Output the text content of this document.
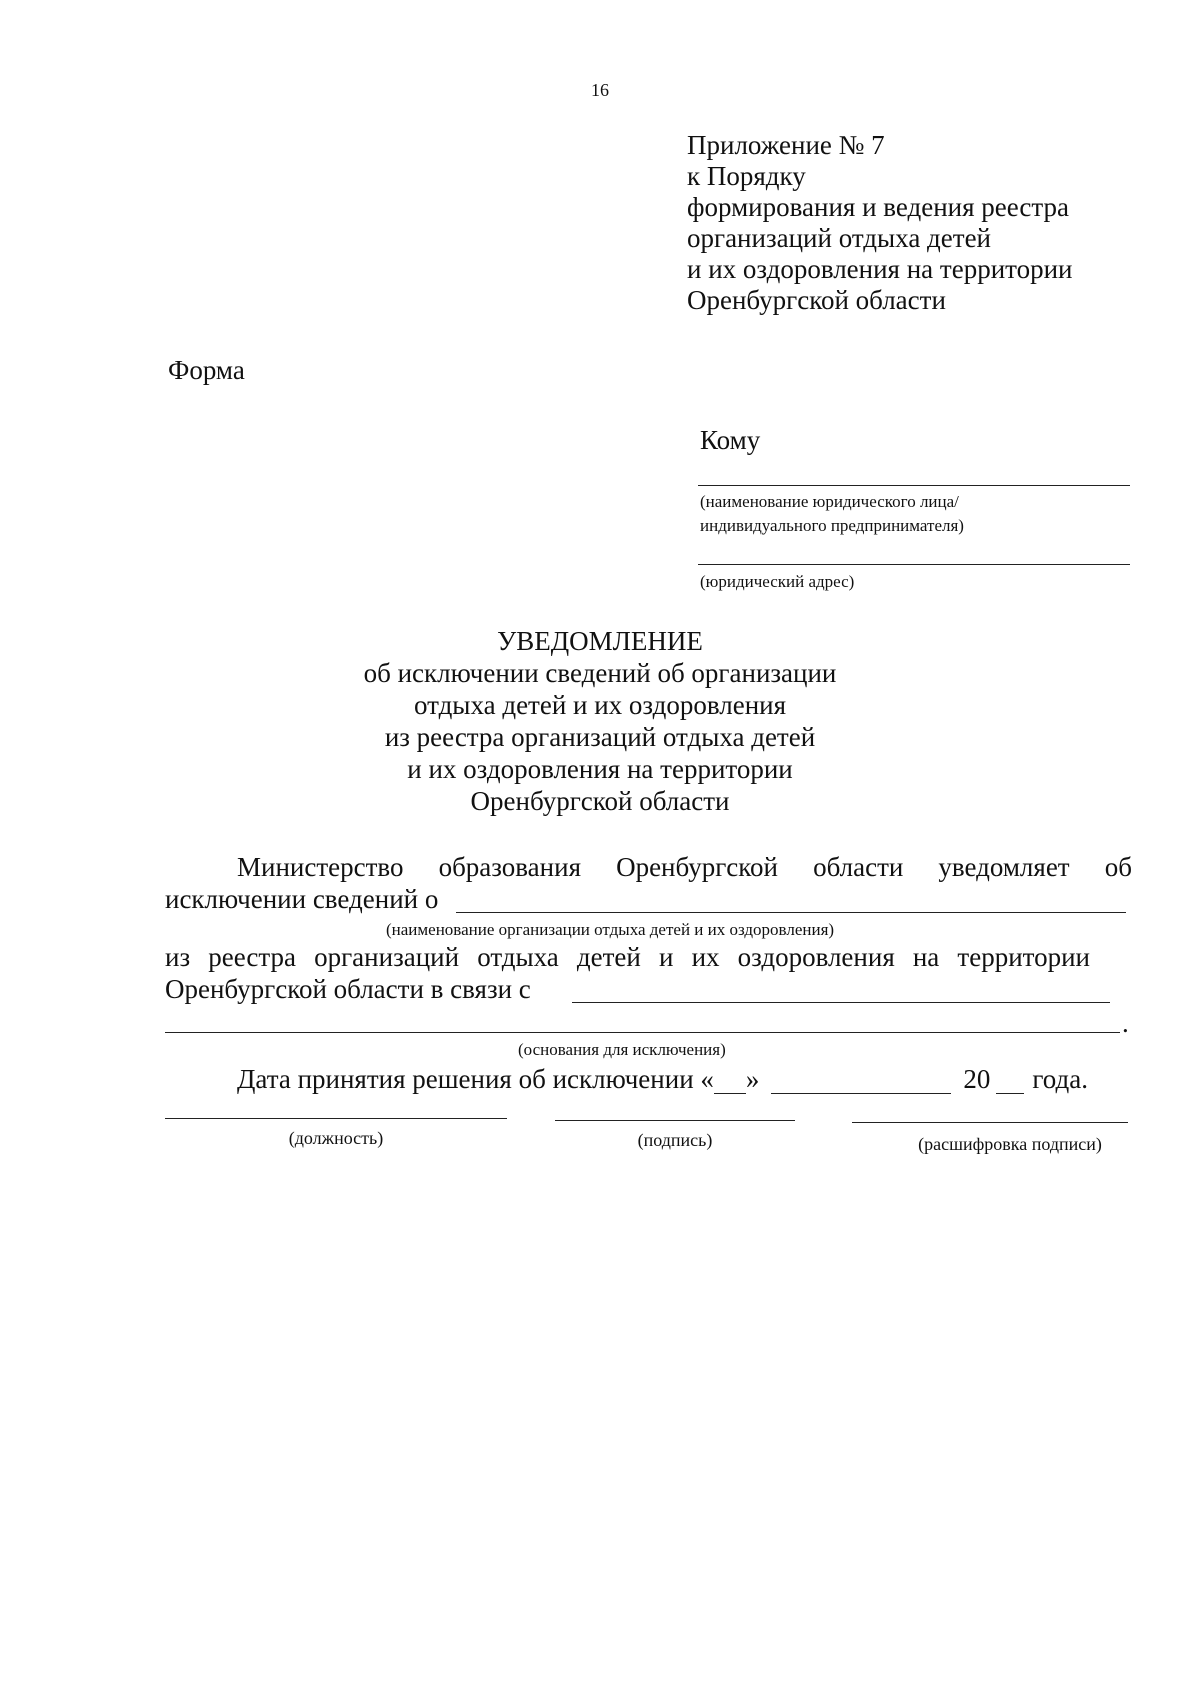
16
Приложение № 7
к Порядку
формирования и ведения реестра
организаций отдыха детей
и их оздоровления на территории
Оренбургской области
Форма
Кому
(наименование юридического лица/
индивидуального предпринимателя)
(юридический адрес)
УВЕДОМЛЕНИЕ
об исключении сведений об организации
отдыха детей и их оздоровления
из реестра организаций отдыха детей
и их оздоровления на территории
Оренбургской области
Министерство образования Оренбургской области уведомляет об
исключении сведений о
(наименование организации отдыха детей и их оздоровления)
из реестра организаций отдыха детей и их оздоровления на территории
Оренбургской области в связи с
.
(основания для исключения)
Дата принятия решения об исключении « »	20 года.
(должность)	(подпись)	(расшифровка подписи)
